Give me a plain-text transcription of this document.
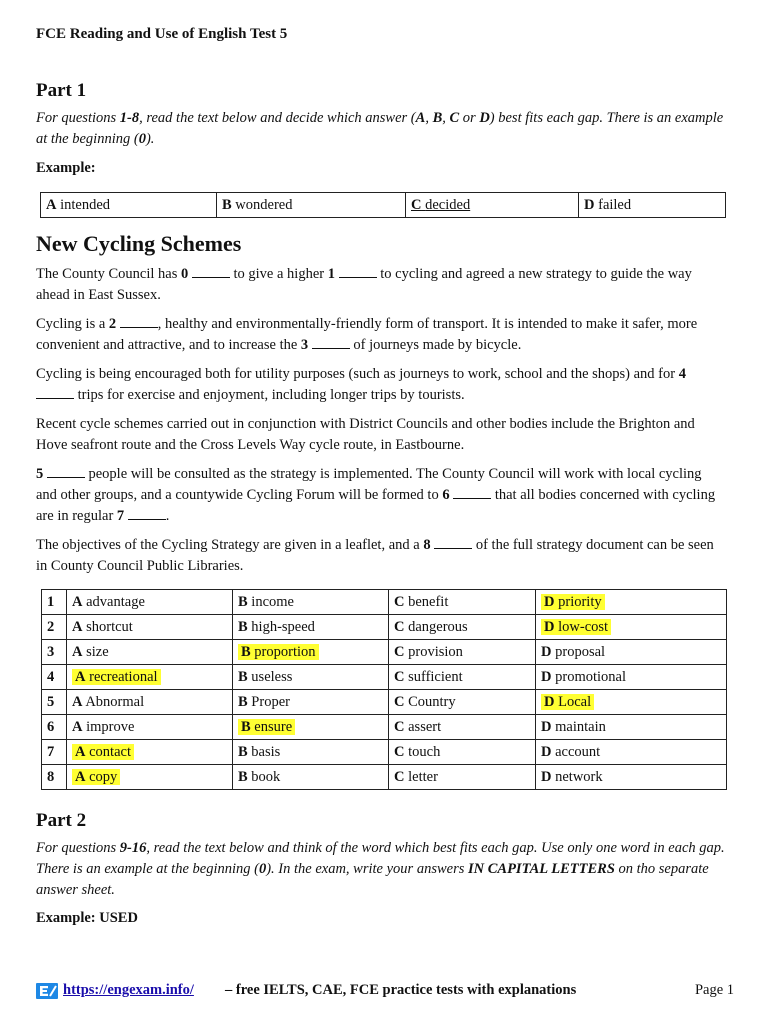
FCE Reading and Use of English Test 5
Part 1
For questions 1-8, read the text below and decide which answer (A, B, C or D) best fits each gap. There is an example at the beginning (0).
Example:
A intended	B wondered	C decided	D failed
New Cycling Schemes
The County Council has 0	to give a higher 1	to cycling and agreed a new strategy to guide the way ahead in East Sussex.
Cycling is a 2	, healthy and environmentally-friendly form of transport. It is intended to make it safer, more convenient and attractive, and to increase the 3	of journeys made by bicycle.
Cycling is being encouraged both for utility purposes (such as journeys to work, school and the shops) and for 4  trips for exercise and enjoyment, including longer trips by tourists.
Recent cycle schemes carried out in conjunction with District Councils and other bodies include the Brighton and Hove seafront route and the Cross Levels Way cycle route, in Eastbourne.
5	people will be consulted as the strategy is implemented. The County Council will work with local cycling and other groups, and a countywide Cycling Forum will be formed to 6	that all bodies concerned with cycling are in regular 7	.
The objectives of the Cycling Strategy are given in a leaflet, and a 8	of the full strategy document can be seen in County Council Public Libraries.
1	A advantage	B income	C benefit	D priority
2	A shortcut	B high-speed	C dangerous	D low-cost
3	A size	B proportion	C provision	D proposal
4	A recreational	B useless	C sufficient	D promotional
5	A Abnormal	B Proper	C Country	D Local
6	A improve	B ensure	C assert	D maintain
7	A contact	B basis	C touch	D account
8	A copy	B book	C letter	D network
Part 2
For questions 9-16, read the text below and think of the word which best fits each gap. Use only one word in each gap. There is an example at the beginning (0). In the exam, write your answers IN CAPITAL LETTERS on tho separate answer sheet.
Example: USED
https://engexam.info/ – free IELTS, CAE, FCE practice tests with explanations	Page 1
